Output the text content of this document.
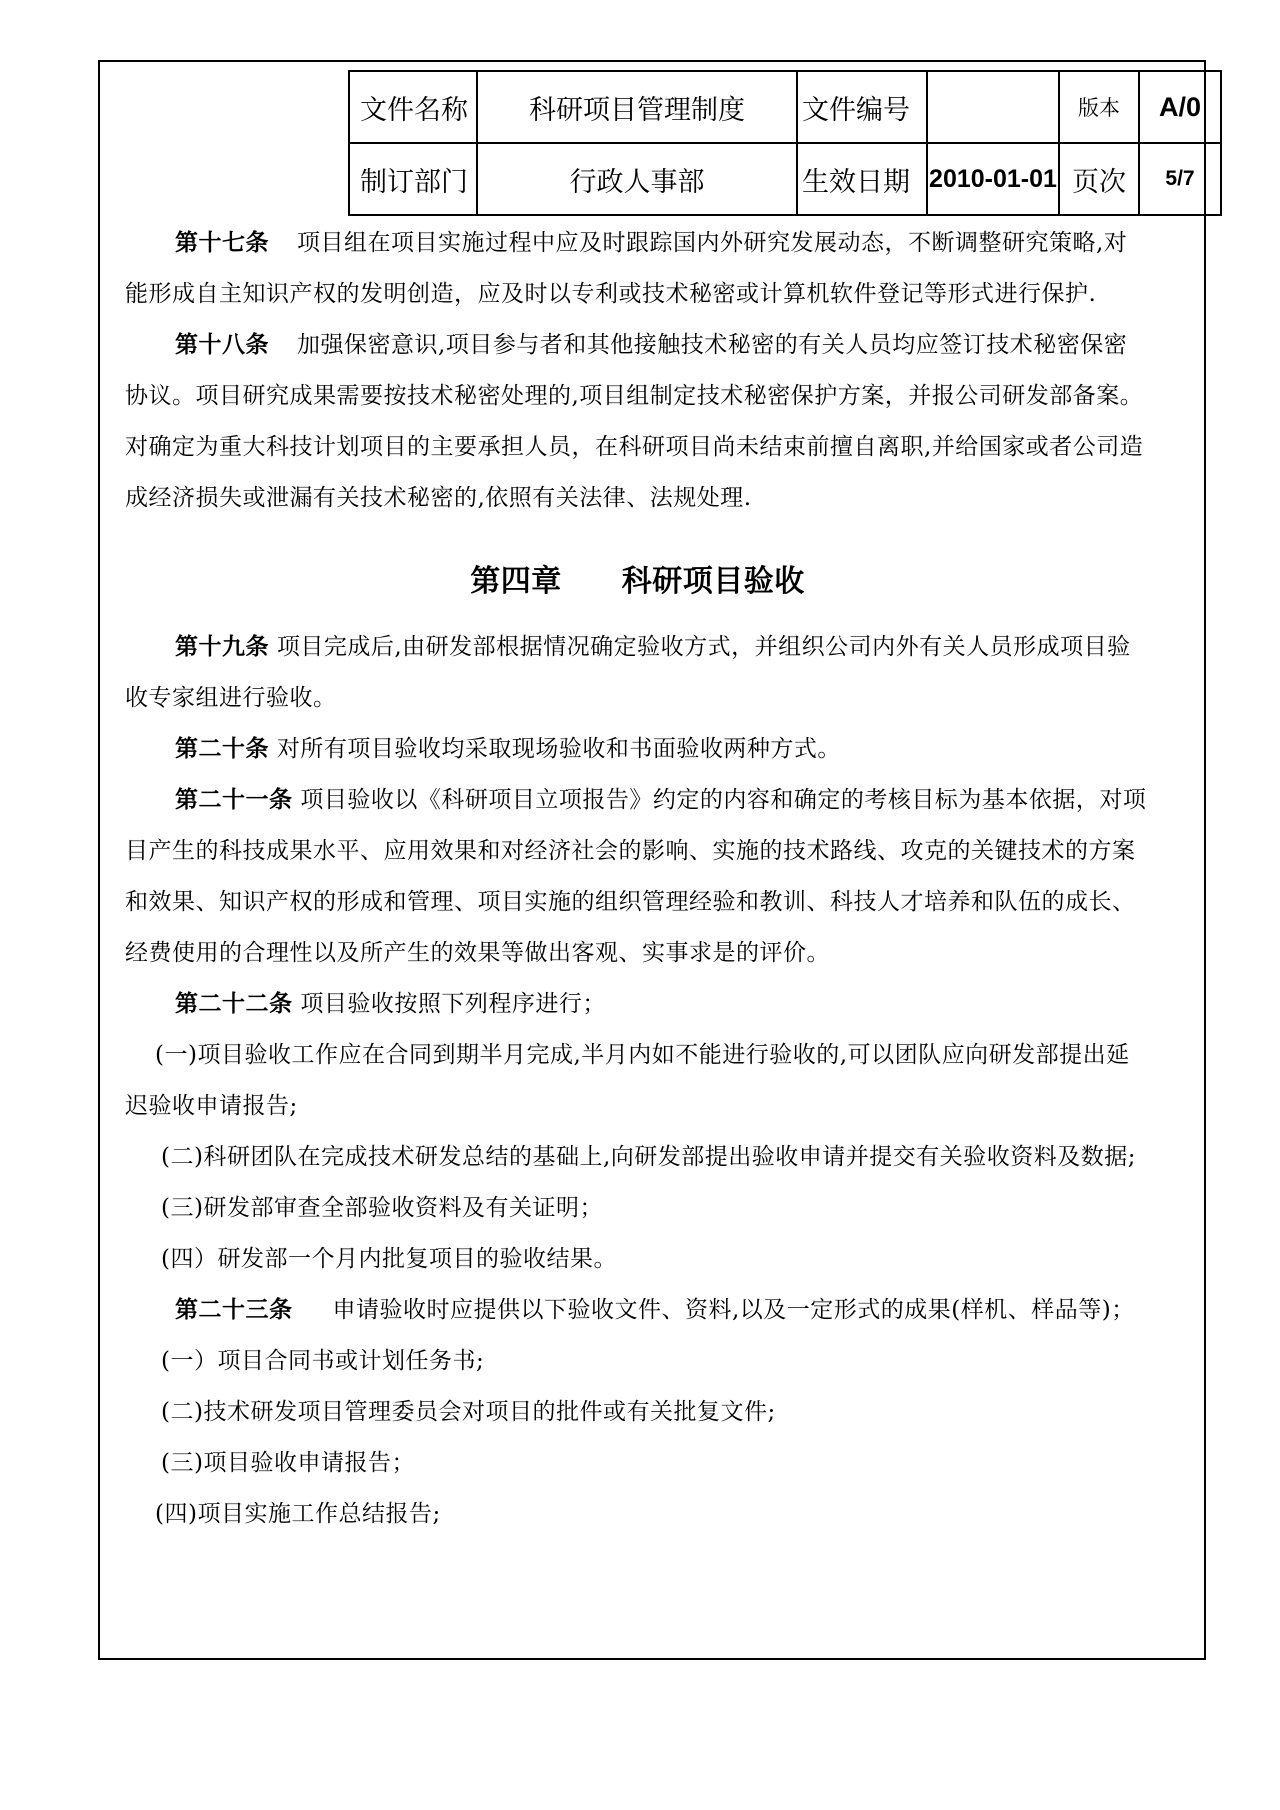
文件名称	科研项目管理制度	文件编号		版本	A/0
制订部门	行政人事部	生效日期	2010-01-01	页次	5/7

第十七条 项目组在项目实施过程中应及时跟踪国内外研究发展动态，不断调整研究策略,对能形成自主知识产权的发明创造，应及时以专利或技术秘密或计算机软件登记等形式进行保护.

第十八条 加强保密意识,项目参与者和其他接触技术秘密的有关人员均应签订技术秘密保密协议。项目研究成果需要按技术秘密处理的,项目组制定技术秘密保护方案，并报公司研发部备案。对确定为重大科技计划项目的主要承担人员，在科研项目尚未结束前擅自离职,并给国家或者公司造成经济损失或泄漏有关技术秘密的,依照有关法律、法规处理.

第四章 科研项目验收

第十九条 项目完成后,由研发部根据情况确定验收方式，并组织公司内外有关人员形成项目验收专家组进行验收。

第二十条 对所有项目验收均采取现场验收和书面验收两种方式。

第二十一条 项目验收以《科研项目立项报告》约定的内容和确定的考核目标为基本依据，对项目产生的科技成果水平、应用效果和对经济社会的影响、实施的技术路线、攻克的关键技术的方案和效果、知识产权的形成和管理、项目实施的组织管理经验和教训、科技人才培养和队伍的成长、经费使用的合理性以及所产生的效果等做出客观、实事求是的评价。

第二十二条 项目验收按照下列程序进行；

(一)项目验收工作应在合同到期半月完成,半月内如不能进行验收的,可以团队应向研发部提出延迟验收申请报告;

(二)科研团队在完成技术研发总结的基础上,向研发部提出验收申请并提交有关验收资料及数据;

(三)研发部审查全部验收资料及有关证明；

(四）研发部一个月内批复项目的验收结果。

第二十三条 申请验收时应提供以下验收文件、资料,以及一定形式的成果(样机、样品等)；

(一）项目合同书或计划任务书;

(二)技术研发项目管理委员会对项目的批件或有关批复文件;

(三)项目验收申请报告；

(四)项目实施工作总结报告;
